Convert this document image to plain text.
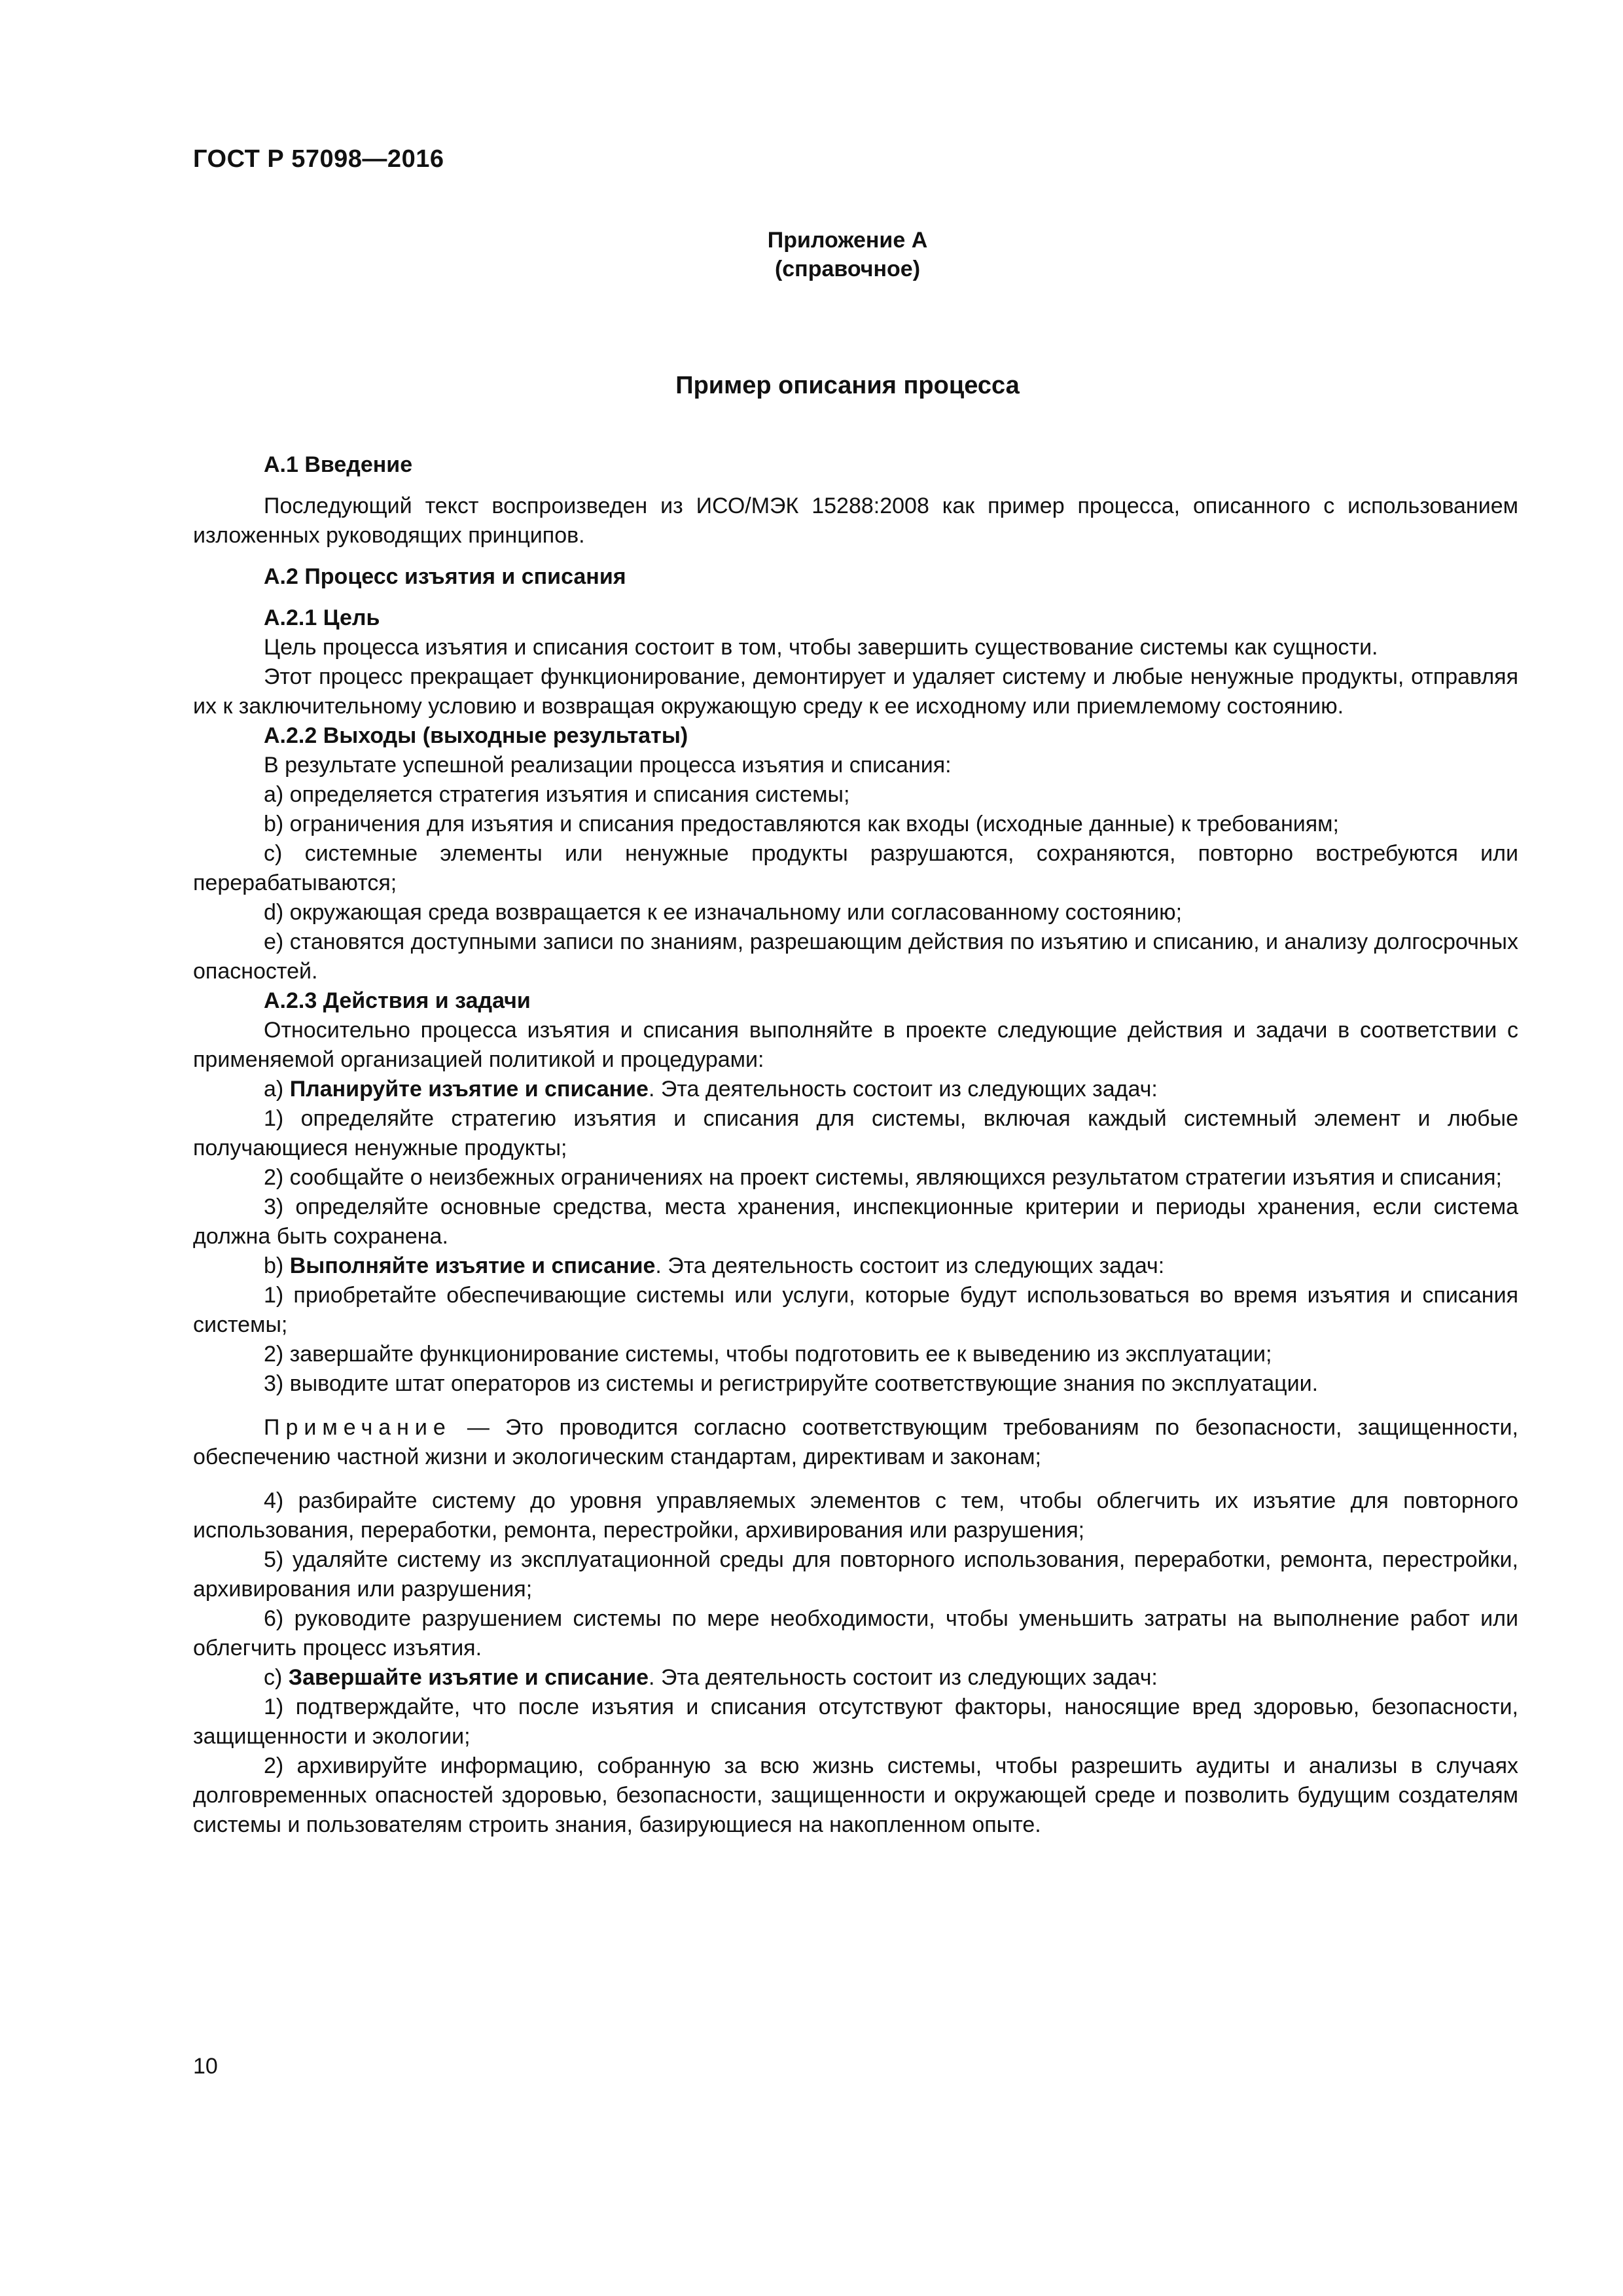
ГОСТ Р 57098—2016
Приложение А
(справочное)
Пример описания процесса

А.1 Введение

Последующий текст воспроизведен из ИСО/МЭК 15288:2008 как пример процесса, описанного с использованием изложенных руководящих принципов.

А.2 Процесс изъятия и списания

А.2.1 Цель

Цель процесса изъятия и списания состоит в том, чтобы завершить существование системы как сущности.

Этот процесс прекращает функционирование, демонтирует и удаляет систему и любые ненужные продукты, отправляя их к заключительному условию и возвращая окружающую среду к ее исходному или приемлемому состоянию.

А.2.2 Выходы (выходные результаты)

В результате успешной реализации процесса изъятия и списания:

a) определяется стратегия изъятия и списания системы;

b) ограничения для изъятия и списания предоставляются как входы (исходные данные) к требованиям;

c) системные элементы или ненужные продукты разрушаются, сохраняются, повторно востребуются или перерабатываются;

d) окружающая среда возвращается к ее изначальному или согласованному состоянию;

e) становятся доступными записи по знаниям, разрешающим действия по изъятию и списанию, и анализу долгосрочных опасностей.

А.2.3 Действия и задачи

Относительно процесса изъятия и списания выполняйте в проекте следующие действия и задачи в соответствии с применяемой организацией политикой и процедурами:

a) Планируйте изъятие и списание. Эта деятельность состоит из следующих задач:

1) определяйте стратегию изъятия и списания для системы, включая каждый системный элемент и любые получающиеся ненужные продукты;

2) сообщайте о неизбежных ограничениях на проект системы, являющихся результатом стратегии изъятия и списания;

3) определяйте основные средства, места хранения, инспекционные критерии и периоды хранения, если система должна быть сохранена.

b) Выполняйте изъятие и списание. Эта деятельность состоит из следующих задач:

1) приобретайте обеспечивающие системы или услуги, которые будут использоваться во время изъятия и списания системы;

2) завершайте функционирование системы, чтобы подготовить ее к выведению из эксплуатации;

3) выводите штат операторов из системы и регистрируйте соответствующие знания по эксплуатации.

Примечание — Это проводится согласно соответствующим требованиям по безопасности, защищенности, обеспечению частной жизни и экологическим стандартам, директивам и законам;

4) разбирайте систему до уровня управляемых элементов с тем, чтобы облегчить их изъятие для повторного использования, переработки, ремонта, перестройки, архивирования или разрушения;

5) удаляйте систему из эксплуатационной среды для повторного использования, переработки, ремонта, перестройки, архивирования или разрушения;

6) руководите разрушением системы по мере необходимости, чтобы уменьшить затраты на выполнение работ или облегчить процесс изъятия.

c) Завершайте изъятие и списание. Эта деятельность состоит из следующих задач:

1) подтверждайте, что после изъятия и списания отсутствуют факторы, наносящие вред здоровью, безопасности, защищенности и экологии;

2) архивируйте информацию, собранную за всю жизнь системы, чтобы разрешить аудиты и анализы в случаях долговременных опасностей здоровью, безопасности, защищенности и окружающей среде и позволить будущим создателям системы и пользователям строить знания, базирующиеся на накопленном опыте.

10
